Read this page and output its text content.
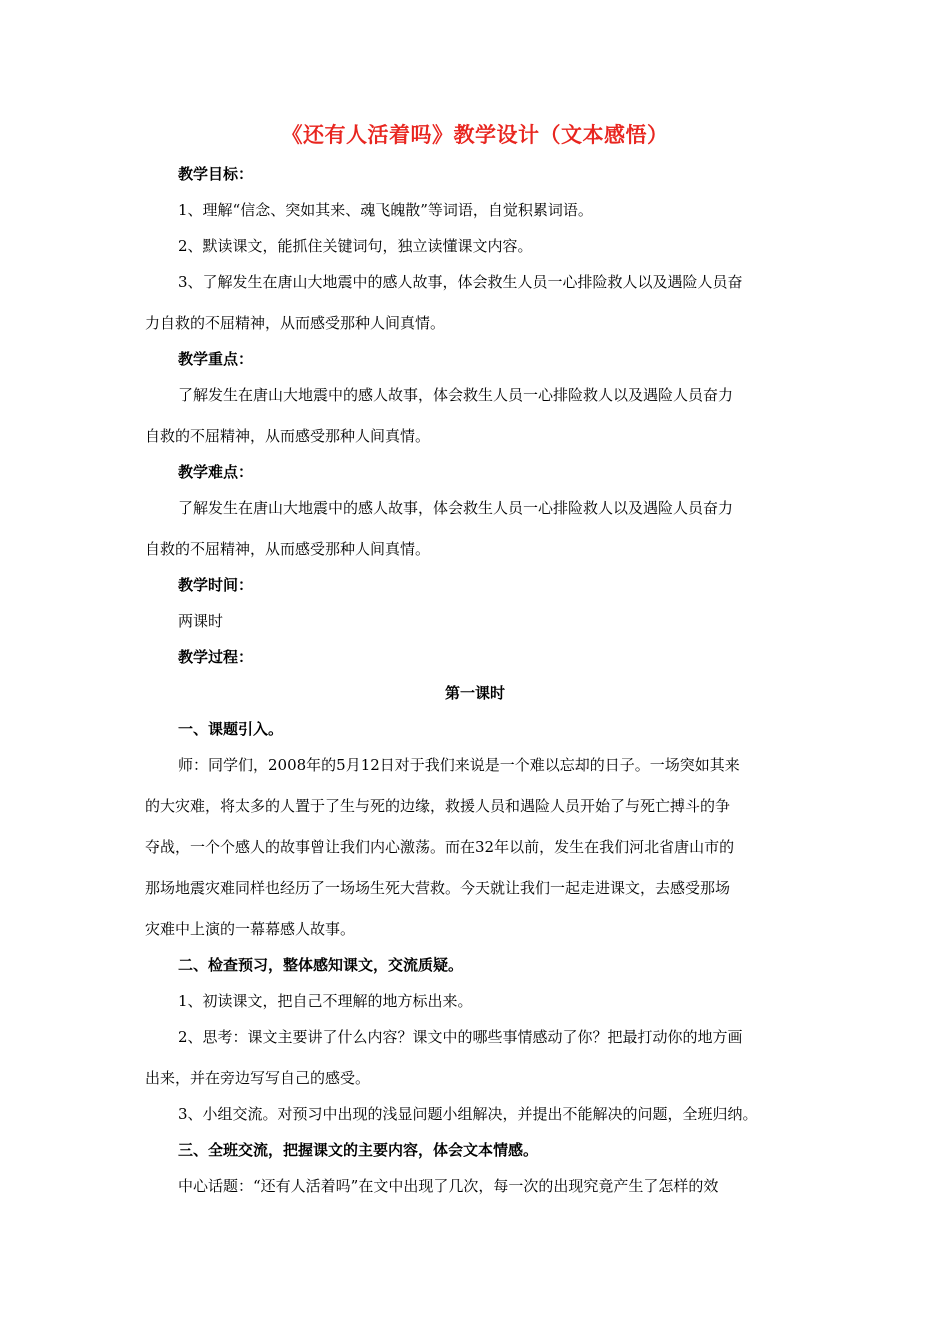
《还有人活着吗》教学设计（文本感悟）
教学目标：
1、理解“信念、突如其来、魂飞魄散”等词语，自觉积累词语。
2、默读课文，能抓住关键词句，独立读懂课文内容。
3、了解发生在唐山大地震中的感人故事，体会救生人员一心排险救人以及遇险人员奋
力自救的不屈精神，从而感受那种人间真情。
教学重点：
了解发生在唐山大地震中的感人故事，体会救生人员一心排险救人以及遇险人员奋力
自救的不屈精神，从而感受那种人间真情。
教学难点：
了解发生在唐山大地震中的感人故事，体会救生人员一心排险救人以及遇险人员奋力
自救的不屈精神，从而感受那种人间真情。
教学时间：
两课时
教学过程：
第一课时
一、课题引入。
师：同学们，2008年的5月12日对于我们来说是一个难以忘却的日子。一场突如其来
的大灾难，将太多的人置于了生与死的边缘，救援人员和遇险人员开始了与死亡搏斗的争
夺战，一个个感人的故事曾让我们内心激荡。而在32年以前，发生在我们河北省唐山市的
那场地震灾难同样也经历了一场场生死大营救。今天就让我们一起走进课文，去感受那场
灾难中上演的一幕幕感人故事。
二、检查预习，整体感知课文，交流质疑。
1、初读课文，把自己不理解的地方标出来。
2、思考：课文主要讲了什么内容？课文中的哪些事情感动了你？把最打动你的地方画
出来，并在旁边写写自己的感受。
3、小组交流。对预习中出现的浅显问题小组解决，并提出不能解决的问题，全班归纳。
三、全班交流，把握课文的主要内容，体会文本情感。
中心话题：“还有人活着吗”在文中出现了几次，每一次的出现究竟产生了怎样的效
